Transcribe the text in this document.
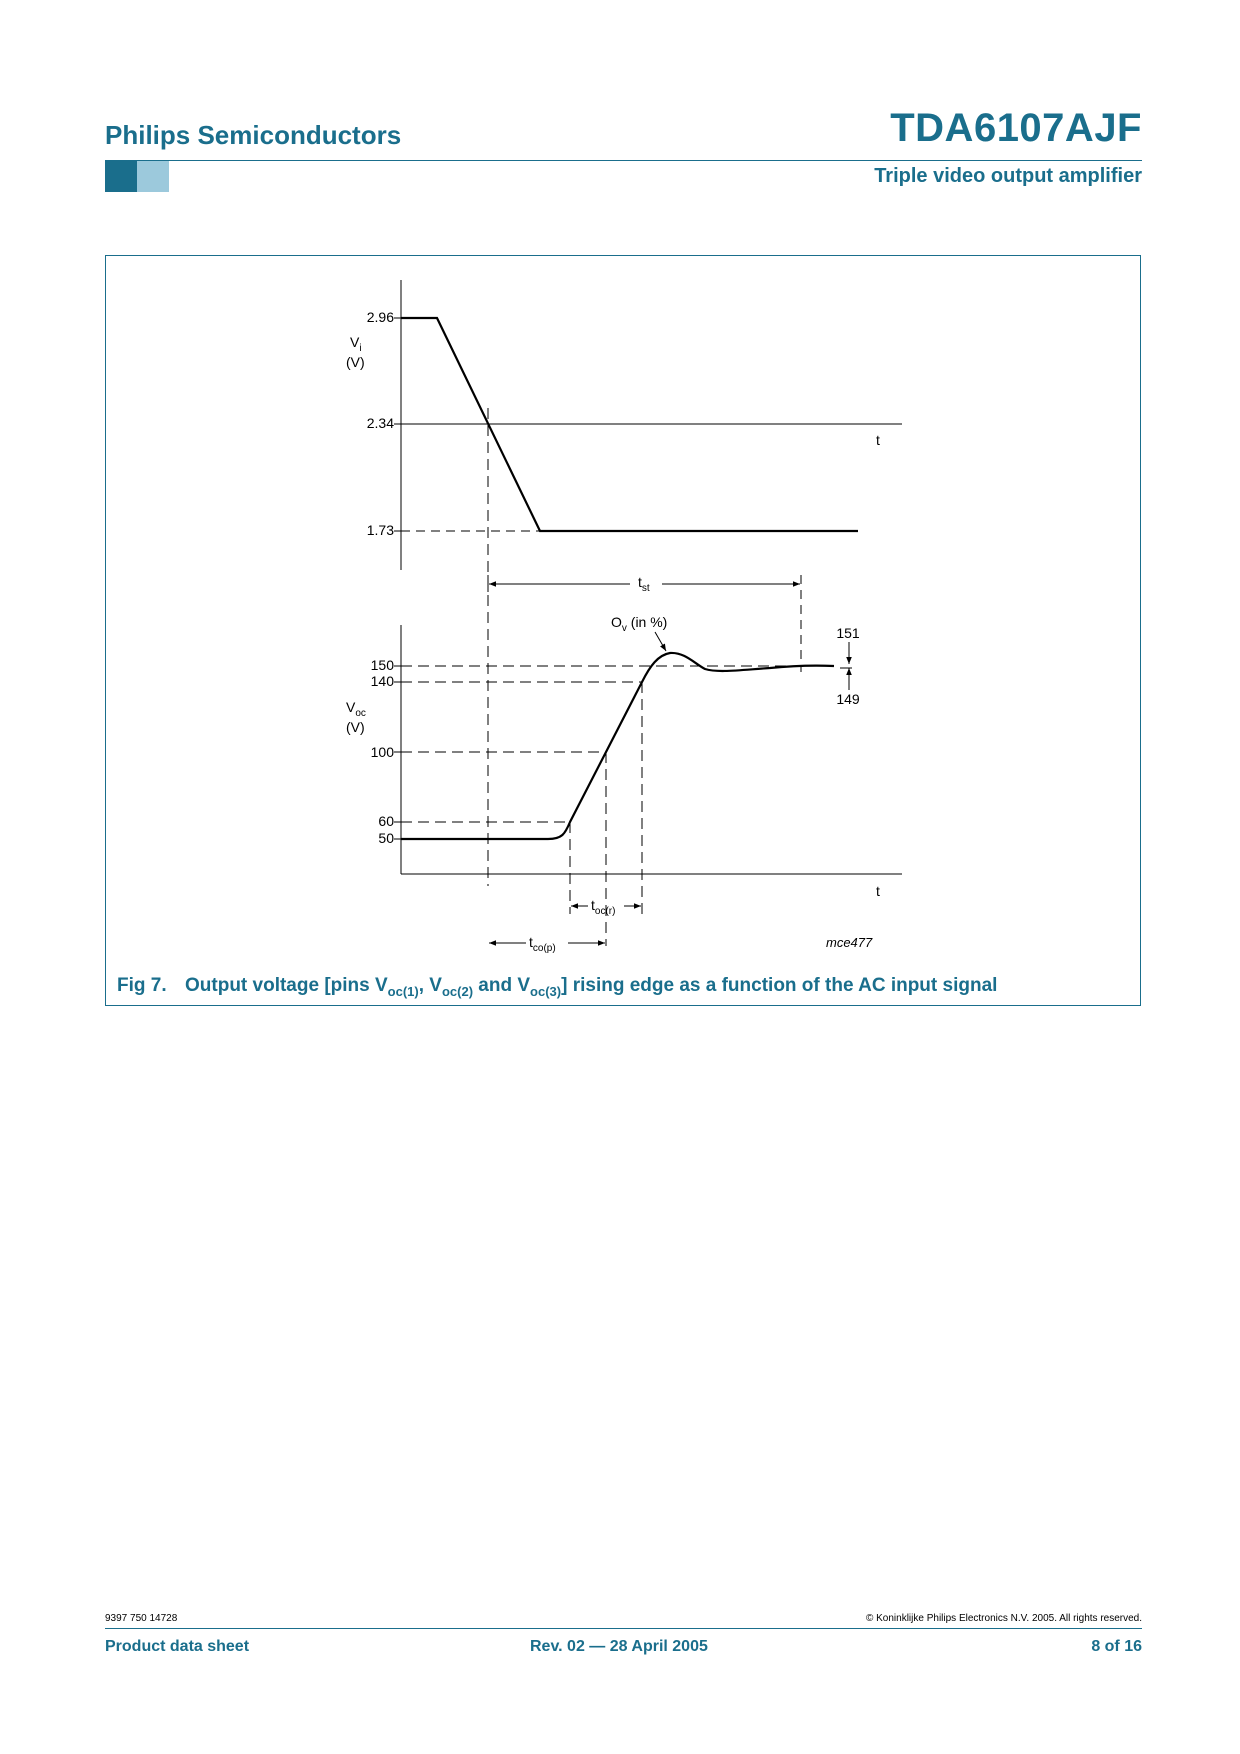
Philips Semiconductors	TDA6107AJF
Triple video output amplifier
2.96
2.34
1.73
$V_i$
(V)
t
$t_{st}$
150
140
100
60
50
$V_{oc}$
(V)
t
$O_v$ (in %)
151
149
$t_{oc(r)}$
$t_{co(p)}$	mce477
Fig 7. Output voltage [pins $V_{oc(1)}$, $V_{oc(2)}$ and $V_{oc(3)}$] rising edge as a function of the AC input signal
9397 750 14728	© Koninklijke Philips Electronics N.V. 2005. All rights reserved.
Product data sheet	Rev. 02 — 28 April 2005	8 of 16
